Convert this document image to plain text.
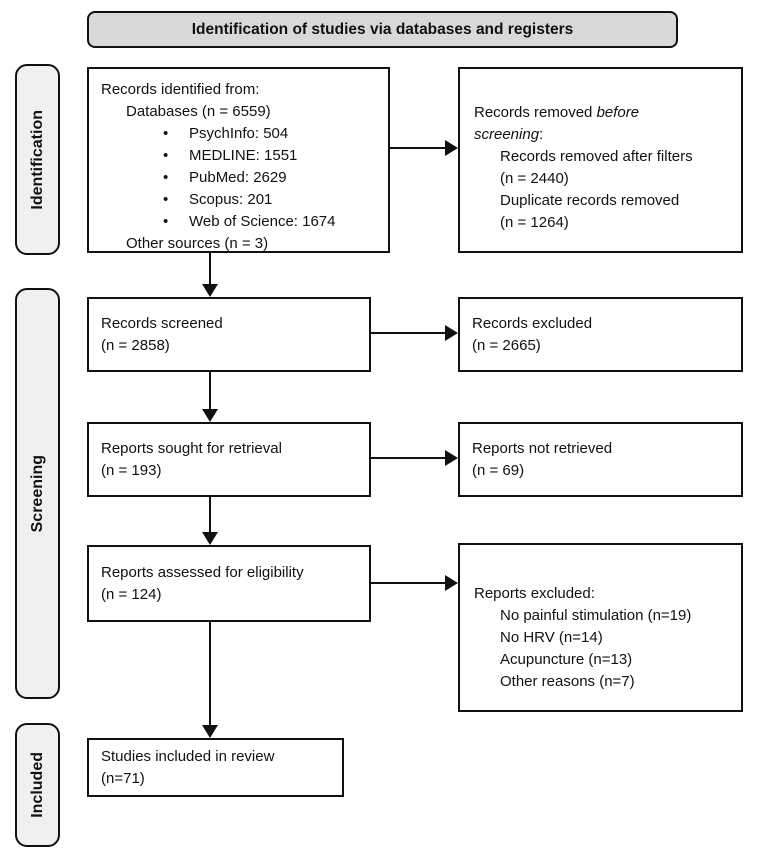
Identification of studies via databases and registers
Identification
Screening
Included
Records identified from:
Databases (n = 6559)
• PsychInfo: 504
• MEDLINE: 1551
• PubMed: 2629
• Scopus: 201
• Web of Science: 1674
Other sources (n = 3)
Records removed before
screening:
Records removed after filters
(n = 2440)
Duplicate records removed
(n = 1264)
Records screened
(n = 2858)
Records excluded
(n = 2665)
Reports sought for retrieval
(n = 193)
Reports not retrieved
(n = 69)
Reports assessed for eligibility
(n = 124)	Reports excluded:
No painful stimulation (n=19)
No HRV (n=14)
Acupuncture (n=13)
Other reasons (n=7)
Studies included in review
(n=71)
